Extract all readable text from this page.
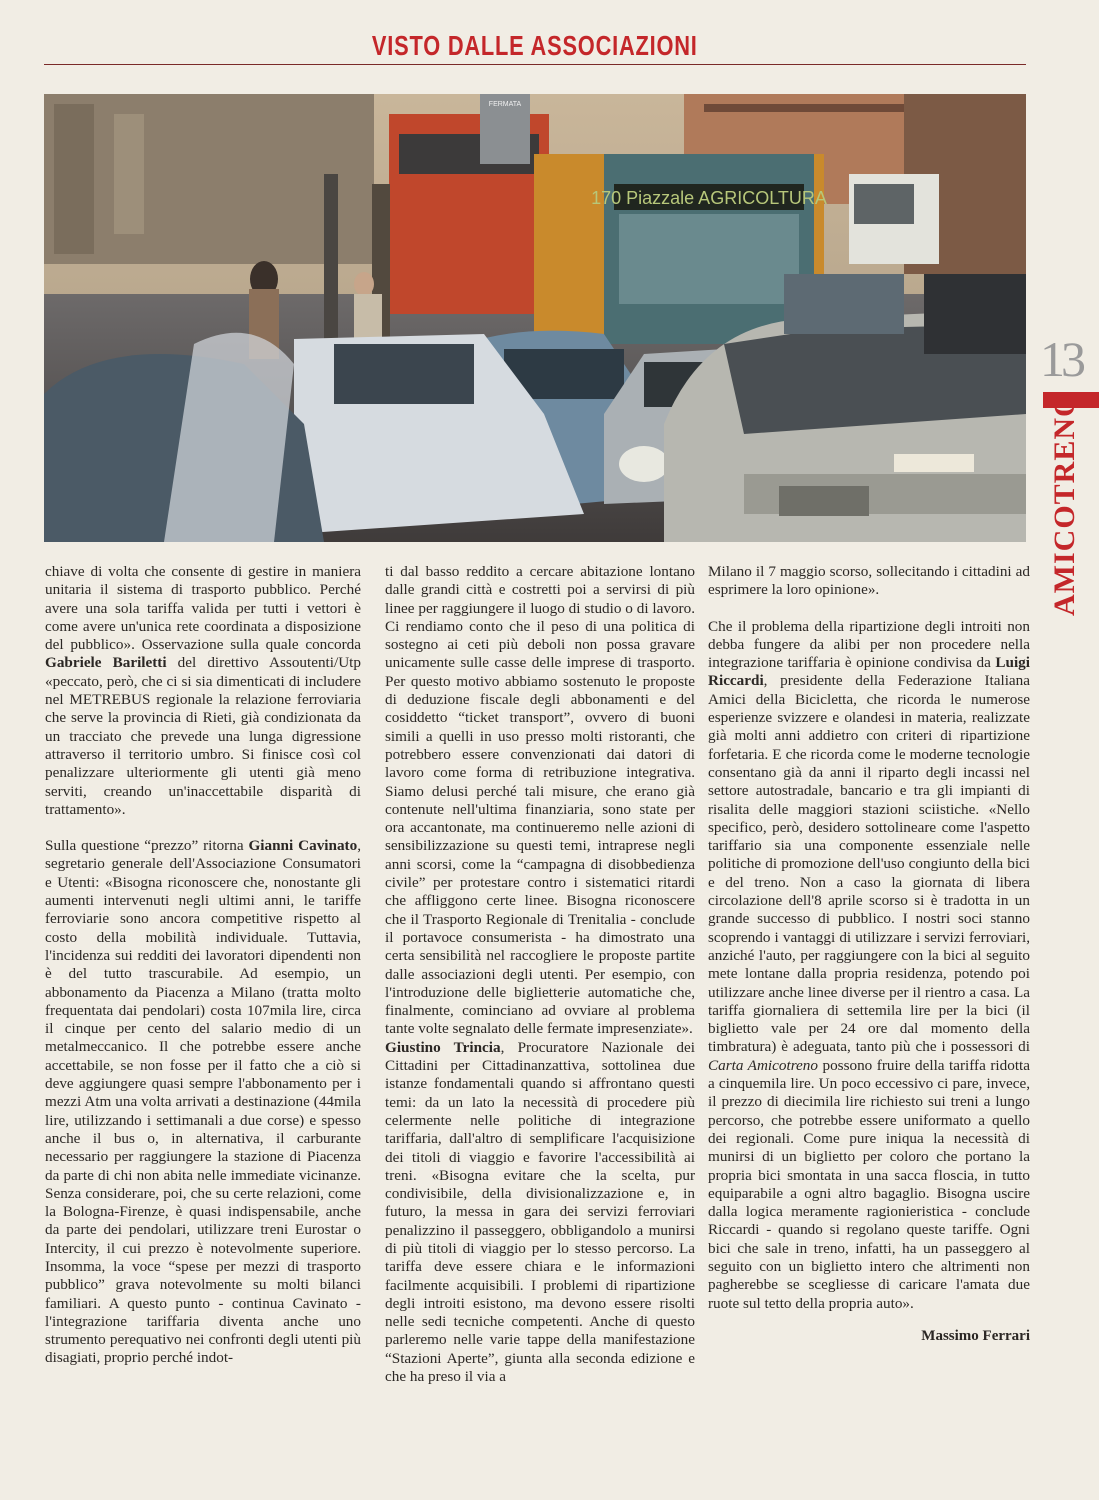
VISTO DALLE ASSOCIAZIONI
170 Piazzale AGRICOLTURA
FERMATA
13
AMICOTRENO

chiave di volta che consente di gestire in maniera unitaria il sistema di trasporto pubblico. Perché avere una sola tariffa valida per tutti i vettori è come avere un'unica rete coordinata a disposizione del pubblico». Osservazione sulla quale concorda Gabriele Bariletti del direttivo Assoutenti/Utp «peccato, però, che ci si sia dimenticati di includere nel METREBUS regionale la relazione ferroviaria che serve la provincia di Rieti, già condizionata da un tracciato che prevede una lunga digressione attraverso il territorio umbro. Si finisce così col penalizzare ulteriormente gli utenti già meno serviti, creando un'inaccettabile disparità di trattamento».

Sulla questione “prezzo” ritorna Gianni Cavinato, segretario generale dell'Associazione Consumatori e Utenti: «Bisogna riconoscere che, nonostante gli aumenti intervenuti negli ultimi anni, le tariffe ferroviarie sono ancora competitive rispetto al costo della mobilità individuale. Tuttavia, l'incidenza sui redditi dei lavoratori dipendenti non è del tutto trascurabile. Ad esempio, un abbonamento da Piacenza a Milano (tratta molto frequentata dai pendolari) costa 107mila lire, circa il cinque per cento del salario medio di un metalmeccanico. Il che potrebbe essere anche accettabile, se non fosse per il fatto che a ciò si deve aggiungere quasi sempre l'abbonamento per i mezzi Atm una volta arrivati a destinazione (44mila lire, utilizzando i settimanali a due corse) e spesso anche il bus o, in alternativa, il carburante necessario per raggiungere la stazione di Piacenza da parte di chi non abita nelle immediate vicinanze. Senza considerare, poi, che su certe relazioni, come la Bologna-Firenze, è quasi indispensabile, anche da parte dei pendolari, utilizzare treni Eurostar o Intercity, il cui prezzo è notevolmente superiore. Insomma, la voce “spese per mezzi di trasporto pubblico” grava notevolmente su molti bilanci familiari. A questo punto - continua Cavinato - l'integrazione tariffaria diventa anche uno strumento perequativo nei confronti degli utenti più disagiati, proprio perché indot-

ti dal basso reddito a cercare abitazione lontano dalle grandi città e costretti poi a servirsi di più linee per raggiungere il luogo di studio o di lavoro. Ci rendiamo conto che il peso di una politica di sostegno ai ceti più deboli non possa gravare unicamente sulle casse delle imprese di trasporto. Per questo motivo abbiamo sostenuto le proposte di deduzione fiscale degli abbonamenti e del cosiddetto “ticket transport”, ovvero di buoni simili a quelli in uso presso molti ristoranti, che potrebbero essere convenzionati dai datori di lavoro come forma di retribuzione integrativa. Siamo delusi perché tali misure, che erano già contenute nell'ultima finanziaria, sono state per ora accantonate, ma continueremo nelle azioni di sensibilizzazione su questi temi, intraprese negli anni scorsi, come la “campagna di disobbedienza civile” per protestare contro i sistematici ritardi che affliggono certe linee. Bisogna riconoscere che il Trasporto Regionale di Trenitalia - conclude il portavoce consumerista - ha dimostrato una certa sensibilità nel raccogliere le proposte partite dalle associazioni degli utenti. Per esempio, con l'introduzione delle biglietterie automatiche che, finalmente, cominciano ad ovviare al problema tante volte segnalato delle fermate impresenziate».

Giustino Trincia, Procuratore Nazionale dei Cittadini per Cittadinanzattiva, sottolinea due istanze fondamentali quando si affrontano questi temi: da un lato la necessità di procedere più celermente nelle politiche di integrazione tariffaria, dall'altro di semplificare l'acquisizione dei titoli di viaggio e favorire l'accessibilità ai treni. «Bisogna evitare che la scelta, pur condivisibile, della divisionalizzazione e, in futuro, la messa in gara dei servizi ferroviari penalizzino il passeggero, obbligandolo a munirsi di più titoli di viaggio per lo stesso percorso. La tariffa deve essere chiara e le informazioni facilmente acquisibili. I problemi di ripartizione degli introiti esistono, ma devono essere risolti nelle sedi tecniche competenti. Anche di questo parleremo nelle varie tappe della manifestazione “Stazioni Aperte”, giunta alla seconda edizione e che ha preso il via a

Milano il 7 maggio scorso, sollecitando i cittadini ad esprimere la loro opinione».

Che il problema della ripartizione degli introiti non debba fungere da alibi per non procedere nella integrazione tariffaria è opinione condivisa da Luigi Riccardi, presidente della Federazione Italiana Amici della Bicicletta, che ricorda le numerose esperienze svizzere e olandesi in materia, realizzate già molti anni addietro con criteri di ripartizione forfetaria. E che ricorda come le moderne tecnologie consentano già da anni il riparto degli incassi nel settore autostradale, bancario e tra gli impianti di risalita delle maggiori stazioni sciistiche. «Nello specifico, però, desidero sottolineare come l'aspetto tariffario sia una componente essenziale nelle politiche di promozione dell'uso congiunto della bici e del treno. Non a caso la giornata di libera circolazione dell'8 aprile scorso si è tradotta in un grande successo di pubblico. I nostri soci stanno scoprendo i vantaggi di utilizzare i servizi ferroviari, anziché l'auto, per raggiungere con la bici al seguito mete lontane dalla propria residenza, potendo poi utilizzare anche linee diverse per il rientro a casa. La tariffa giornaliera di settemila lire per la bici (il biglietto vale per 24 ore dal momento della timbratura) è adeguata, tanto più che i possessori di Carta Amicotreno possono fruire della tariffa ridotta a cinquemila lire. Un poco eccessivo ci pare, invece, il prezzo di diecimila lire richiesto sui treni a lungo percorso, che potrebbe essere uniformato a quello dei regionali. Come pure iniqua la necessità di munirsi di un biglietto per coloro che portano la propria bici smontata in una sacca floscia, in tutto equiparabile a ogni altro bagaglio. Bisogna uscire dalla logica meramente ragionieristica - conclude Riccardi - quando si regolano queste tariffe. Ogni bici che sale in treno, infatti, ha un passeggero al seguito con un biglietto intero che altrimenti non pagherebbe se scegliesse di caricare l'amata due ruote sul tetto della propria auto».

Massimo Ferrari
